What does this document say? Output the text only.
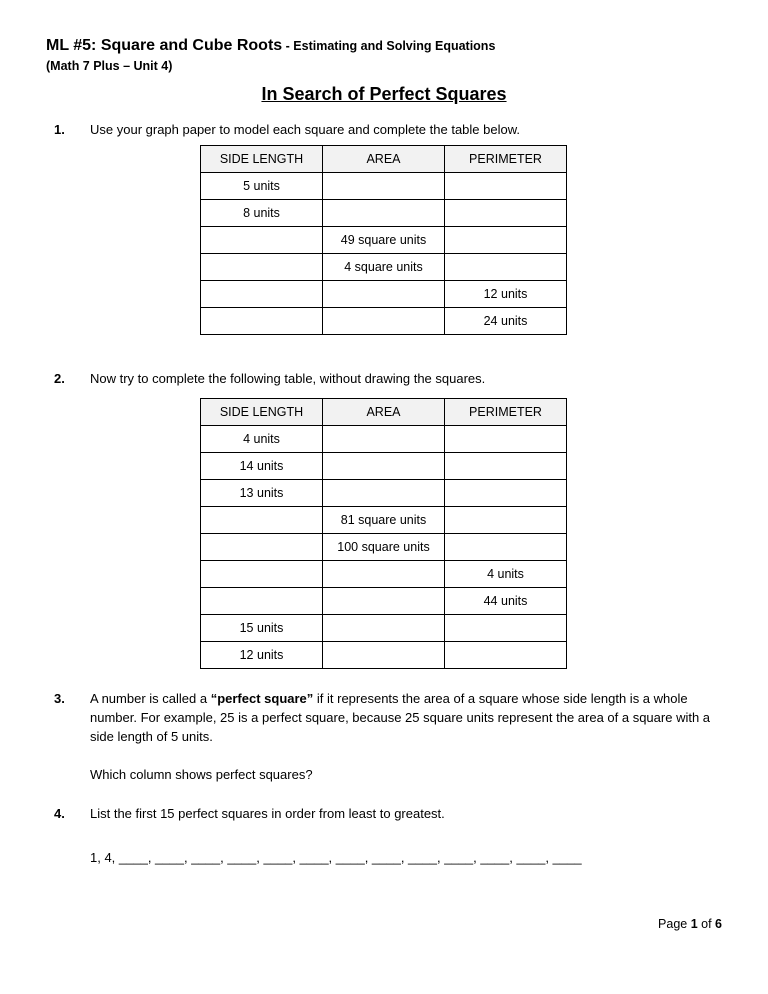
ML #5: Square and Cube Roots - Estimating and Solving Equations
(Math 7 Plus – Unit 4)
In Search of Perfect Squares
1. Use your graph paper to model each square and complete the table below.
SIDE LENGTH	AREA	PERIMETER
5 units		
8 units		
	49 square units	
	4 square units	
		12 units
		24 units
2. Now try to complete the following table, without drawing the squares.
SIDE LENGTH	AREA	PERIMETER
4 units		
14 units		
13 units		
	81 square units	
	100 square units	
		4 units
		44 units
15 units		
12 units		
3. A number is called a “perfect square” if it represents the area of a square whose side length is a whole number. For example, 25 is a perfect square, because 25 square units represent the area of a square with a side length of 5 units.
Which column shows perfect squares?
4. List the first 15 perfect squares in order from least to greatest.
1, 4, ____, ____, ____, ____, ____, ____, ____, ____, ____, ____, ____, ____, ____
Page 1 of 6
